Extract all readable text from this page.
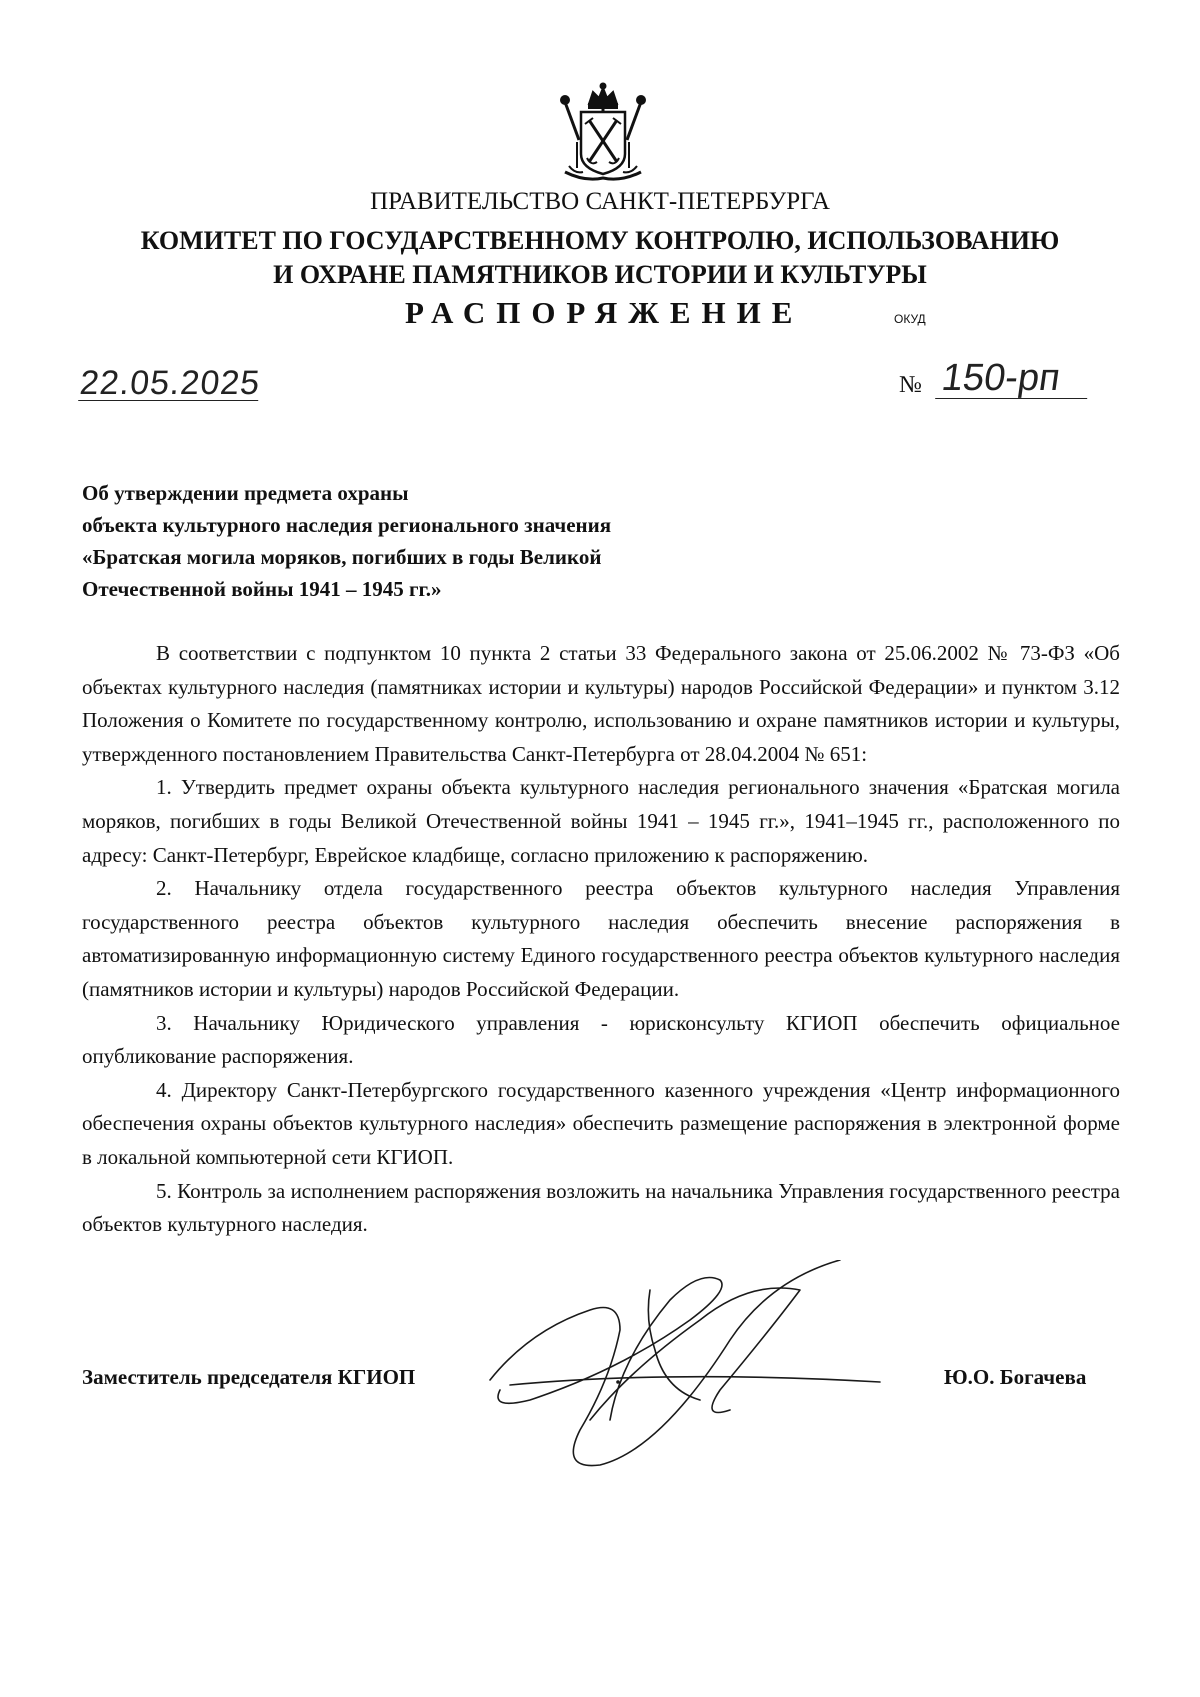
ПРАВИТЕЛЬСТВО САНКТ-ПЕТЕРБУРГА
КОМИТЕТ ПО ГОСУДАРСТВЕННОМУ КОНТРОЛЮ, ИСПОЛЬЗОВАНИЮ
И ОХРАНЕ ПАМЯТНИКОВ ИСТОРИИ И КУЛЬТУРЫ
РАСПОРЯЖЕНИЕ	ОКУД
22.05.2025	№ 150-рп
Об утверждении предмета охраны
объекта культурного наследия регионального значения
«Братская могила моряков, погибших в годы Великой
Отечественной войны 1941 – 1945 гг.»

В соответствии с подпунктом 10 пункта 2 статьи 33 Федерального закона от 25.06.2002 № 73-ФЗ «Об объектах культурного наследия (памятниках истории и культуры) народов Российской Федерации» и пунктом 3.12 Положения о Комитете по государственному контролю, использованию и охране памятников истории и культуры, утвержденного постановлением Правительства Санкт-Петербурга от 28.04.2004 № 651:

1. Утвердить предмет охраны объекта культурного наследия регионального значения «Братская могила моряков, погибших в годы Великой Отечественной войны 1941 – 1945 гг.», 1941–1945 гг., расположенного по адресу: Санкт-Петербург, Еврейское кладбище, согласно приложению к распоряжению.

2. Начальнику отдела государственного реестра объектов культурного наследия Управления государственного реестра объектов культурного наследия обеспечить внесение распоряжения в автоматизированную информационную систему Единого государственного реестра объектов культурного наследия (памятников истории и культуры) народов Российской Федерации.

3. Начальнику Юридического управления - юрисконсульту КГИОП обеспечить официальное опубликование распоряжения.

4. Директору Санкт-Петербургского государственного казенного учреждения «Центр информационного обеспечения охраны объектов культурного наследия» обеспечить размещение распоряжения в электронной форме в локальной компьютерной сети КГИОП.

5. Контроль за исполнением распоряжения возложить на начальника Управления государственного реестра объектов культурного наследия.

Заместитель председателя КГИОП	Ю.О. Богачева
